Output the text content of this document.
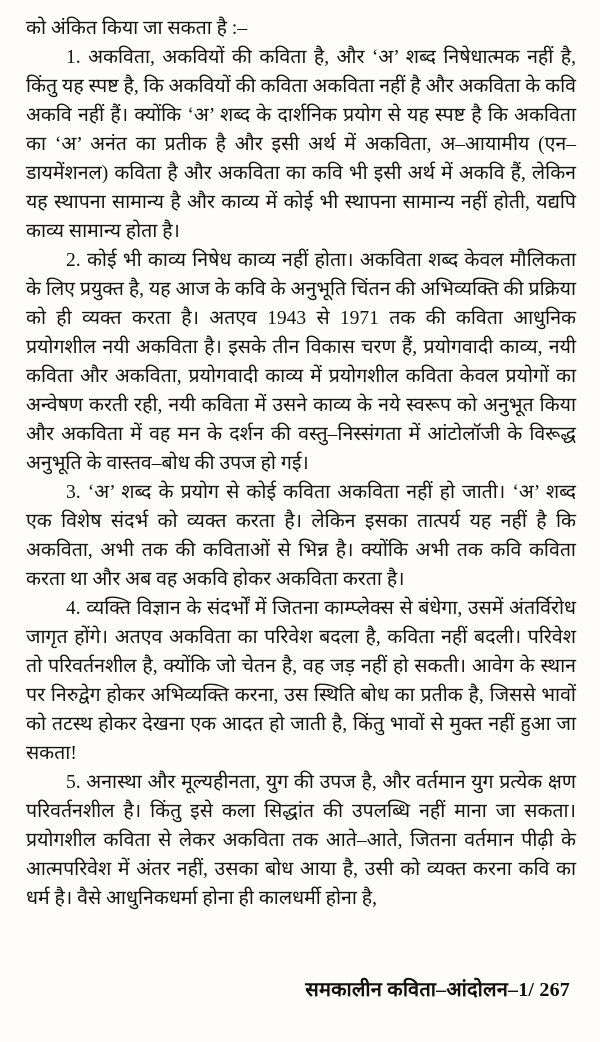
को अंकित किया जा सकता है :–

1. अकविता, अकवियों की कविता है, और ‘अ’ शब्द निषेधात्मक नहीं है, किंतु यह स्पष्ट है, कि अकवियों की कविता अकविता नहीं है और अकविता के कवि अकवि नहीं हैं। क्योंकि ‘अ’ शब्द के दार्शनिक प्रयोग से यह स्पष्ट है कि अकविता का ‘अ’ अनंत का प्रतीक है और इसी अर्थ में अकविता, अ–आयामीय (एन–डायमेंशनल) कविता है और अकविता का कवि भी इसी अर्थ में अकवि हैं, लेकिन यह स्थापना सामान्य है और काव्य में कोई भी स्थापना सामान्य नहीं होती, यद्यपि काव्य सामान्य होता है।

2. कोई भी काव्य निषेध काव्य नहीं होता। अकविता शब्द केवल मौलिकता के लिए प्रयुक्त है, यह आज के कवि के अनुभूति चिंतन की अभिव्यक्ति की प्रक्रिया को ही व्यक्त करता है। अतएव 1943 से 1971 तक की कविता आधुनिक प्रयोगशील नयी अकविता है। इसके तीन विकास चरण हैं, प्रयोगवादी काव्य, नयी कविता और अकविता, प्रयोगवादी काव्य में प्रयोगशील कविता केवल प्रयोगों का अन्वेषण करती रही, नयी कविता में उसने काव्य के नये स्वरूप को अनुभूत किया और अकविता में वह मन के दर्शन की वस्तु–निस्संगता में आंटोलॉजी के विरूद्ध अनुभूति के वास्तव–बोध की उपज हो गई।

3. ‘अ’ शब्द के प्रयोग से कोई कविता अकविता नहीं हो जाती। ‘अ’ शब्द एक विशेष संदर्भ को व्यक्त करता है। लेकिन इसका तात्पर्य यह नहीं है कि अकविता, अभी तक की कविताओं से भिन्न है। क्योंकि अभी तक कवि कविता करता था और अब वह अकवि होकर अकविता करता है।

4. व्यक्ति विज्ञान के संदर्भों में जितना काम्प्लेक्स से बंधेगा, उसमें अंतर्विरोध जागृत होंगे। अतएव अकविता का परिवेश बदला है, कविता नहीं बदली। परिवेश तो परिवर्तनशील है, क्योंकि जो चेतन है, वह जड़ नहीं हो सकती। आवेग के स्थान पर निरुद्वेग होकर अभिव्यक्ति करना, उस स्थिति बोध का प्रतीक है, जिससे भावों को तटस्थ होकर देखना एक आदत हो जाती है, किंतु भावों से मुक्त नहीं हुआ जा सकता!

5. अनास्था और मूल्यहीनता, युग की उपज है, और वर्तमान युग प्रत्येक क्षण परिवर्तनशील है। किंतु इसे कला सिद्धांत की उपलब्धि नहीं माना जा सकता। प्रयोगशील कविता से लेकर अकविता तक आते–आते, जितना वर्तमान पीढ़ी के आत्मपरिवेश में अंतर नहीं, उसका बोध आया है, उसी को व्यक्त करना कवि का धर्म है। वैसे आधुनिकधर्मा होना ही कालधर्मी होना है,

समकालीन कविता–आंदोलन–1/ 267
